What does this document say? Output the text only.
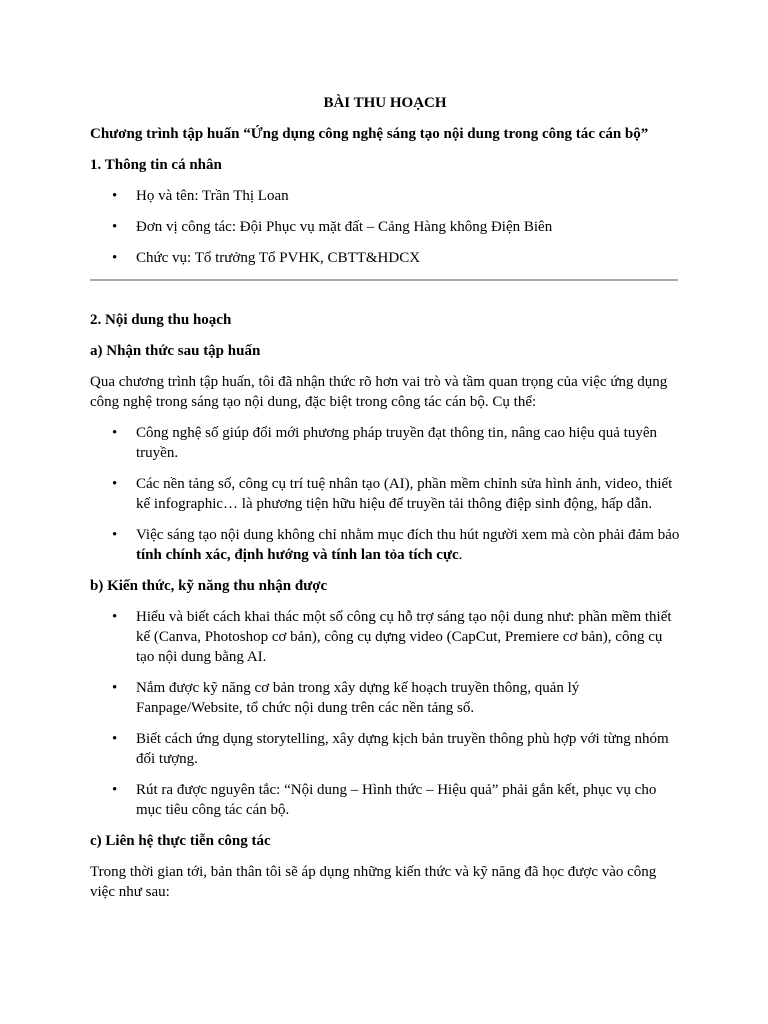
BÀI THU HOẠCH
Chương trình tập huấn “Ứng dụng công nghệ sáng tạo nội dung trong công tác cán bộ”
1. Thông tin cá nhân
• Họ và tên: Trần Thị Loan
• Đơn vị công tác: Đội Phục vụ mặt đất – Cảng Hàng không Điện Biên
• Chức vụ: Tổ trưởng Tổ PVHK, CBTT&HDCX
2. Nội dung thu hoạch
a) Nhận thức sau tập huấn
Qua chương trình tập huấn, tôi đã nhận thức rõ hơn vai trò và tầm quan trọng của việc ứng dụng công nghệ trong sáng tạo nội dung, đặc biệt trong công tác cán bộ. Cụ thể:
• Công nghệ số giúp đổi mới phương pháp truyền đạt thông tin, nâng cao hiệu quả tuyên truyền.
• Các nền tảng số, công cụ trí tuệ nhân tạo (AI), phần mềm chỉnh sửa hình ảnh, video, thiết kế infographic… là phương tiện hữu hiệu để truyền tải thông điệp sinh động, hấp dẫn.
• Việc sáng tạo nội dung không chỉ nhằm mục đích thu hút người xem mà còn phải đảm bảo tính chính xác, định hướng và tính lan tỏa tích cực.
b) Kiến thức, kỹ năng thu nhận được
• Hiểu và biết cách khai thác một số công cụ hỗ trợ sáng tạo nội dung như: phần mềm thiết kế (Canva, Photoshop cơ bản), công cụ dựng video (CapCut, Premiere cơ bản), công cụ tạo nội dung bằng AI.
• Nắm được kỹ năng cơ bản trong xây dựng kế hoạch truyền thông, quản lý Fanpage/Website, tổ chức nội dung trên các nền tảng số.
• Biết cách ứng dụng storytelling, xây dựng kịch bản truyền thông phù hợp với từng nhóm đối tượng.
• Rút ra được nguyên tắc: “Nội dung – Hình thức – Hiệu quả” phải gắn kết, phục vụ cho mục tiêu công tác cán bộ.
c) Liên hệ thực tiễn công tác
Trong thời gian tới, bản thân tôi sẽ áp dụng những kiến thức và kỹ năng đã học được vào công việc như sau:
